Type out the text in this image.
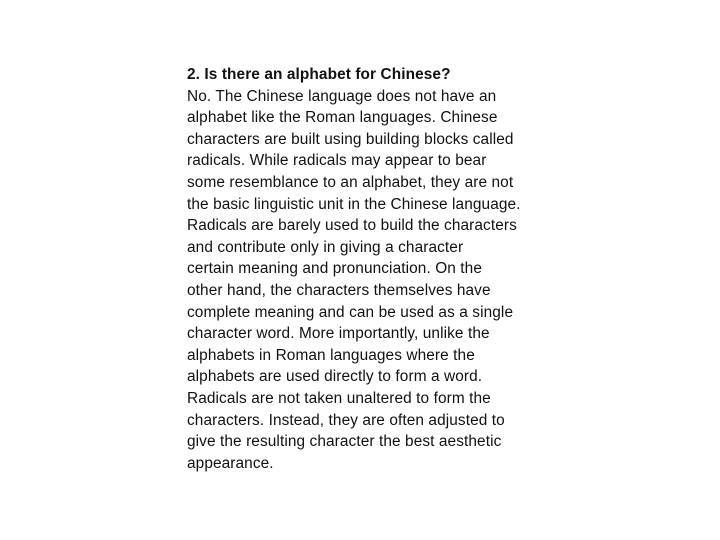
2. Is there an alphabet for Chinese?
No. The Chinese language does not have an
alphabet like the Roman languages. Chinese
characters are built using building blocks called
radicals. While radicals may appear to bear
some resemblance to an alphabet, they are not
the basic linguistic unit in the Chinese language.
Radicals are barely used to build the characters
and contribute only in giving a character
certain meaning and pronunciation. On the
other hand, the characters themselves have
complete meaning and can be used as a single
character word. More importantly, unlike the
alphabets in Roman languages where the
alphabets are used directly to form a word.
Radicals are not taken unaltered to form the
characters. Instead, they are often adjusted to
give the resulting character the best aesthetic
appearance.
